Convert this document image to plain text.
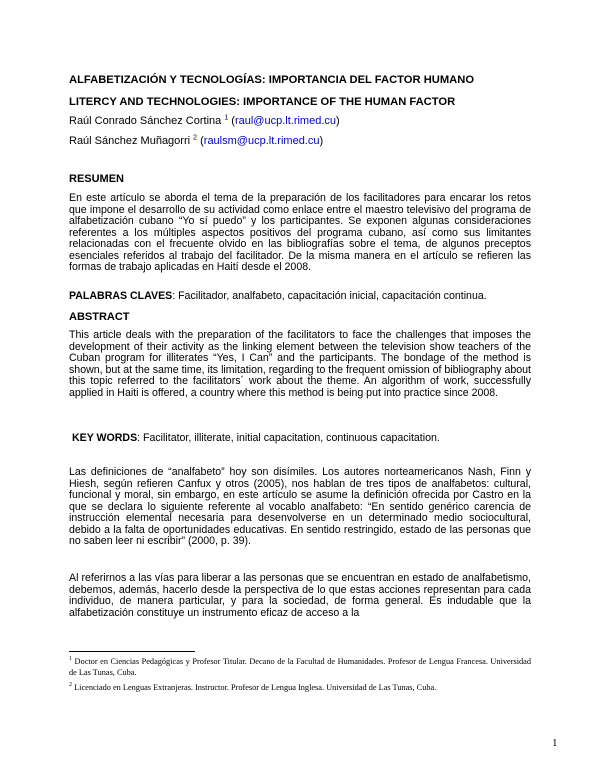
ALFABETIZACIÓN Y TECNOLOGÍAS: IMPORTANCIA DEL FACTOR HUMANO
LITERCY AND TECHNOLOGIES: IMPORTANCE OF THE HUMAN FACTOR
Raúl Conrado Sánchez Cortina $^1$ (raul@ucp.lt.rimed.cu)
Raúl Sánchez Muñagorri $^2$ (raulsm@ucp.lt.rimed.cu)
RESUMEN
En este artículo se aborda el tema de la preparación de los facilitadores para encarar los retos que impone el desarrollo de su actividad como enlace entre el maestro televisivo del programa de alfabetización cubano “Yo sí puedo” y los participantes. Se exponen algunas consideraciones referentes a los múltiples aspectos positivos del programa cubano, así como sus limitantes relacionadas con el frecuente olvido en las bibliografías sobre el tema, de algunos preceptos esenciales referidos al trabajo del facilitador. De la misma manera en el artículo se refieren las formas de trabajo aplicadas en Haití desde el 2008.
PALABRAS CLAVES: Facilitador, analfabeto, capacitación inicial, capacitación continua.
ABSTRACT
This article deals with the preparation of the facilitators to face the challenges that imposes the development of their activity as the linking element between the television show teachers of the Cuban program for illiterates “Yes, I Can” and the participants. The bondage of the method is shown, but at the same time, its limitation, regarding to the frequent omission of bibliography about this topic referred to the facilitators´ work about the theme. An algorithm of work, successfully applied in Haiti is offered, a country where this method is being put into practice since 2008.
KEY WORDS: Facilitator, illiterate, initial capacitation, continuous capacitation.
Las definiciones de “analfabeto” hoy son disímiles. Los autores norteamericanos Nash, Finn y Hiesh, según refieren Canfux y otros (2005), nos hablan de tres tipos de analfabetos: cultural, funcional y moral, sin embargo, en este artículo se asume la definición ofrecida por Castro en la que se declara lo siguiente referente al vocablo analfabeto: “En sentido genérico carencia de instrucción elemental necesaria para desenvolverse en un determinado medio sociocultural, debido a la falta de oportunidades educativas. En sentido restringido, estado de las personas que no saben leer ni escribir” (2000, p. 39).
Al referirnos a las vías para liberar a las personas que se encuentran en estado de analfabetismo, debemos, además, hacerlo desde la perspectiva de lo que estas acciones representan para cada individuo, de manera particular, y para la sociedad, de forma general. Es indudable que la alfabetización constituye un instrumento eficaz de acceso a la
$^1$ Doctor en Ciencias Pedagógicas y Profesor Titular. Decano de la Facultad de Humanidades. Profesor de Lengua Francesa. Universidad de Las Tunas, Cuba.
$^2$ Licenciado en Lenguas Extranjeras. Instructor. Profesor de Lengua Inglesa. Universidad de Las Tunas, Cuba.
1
